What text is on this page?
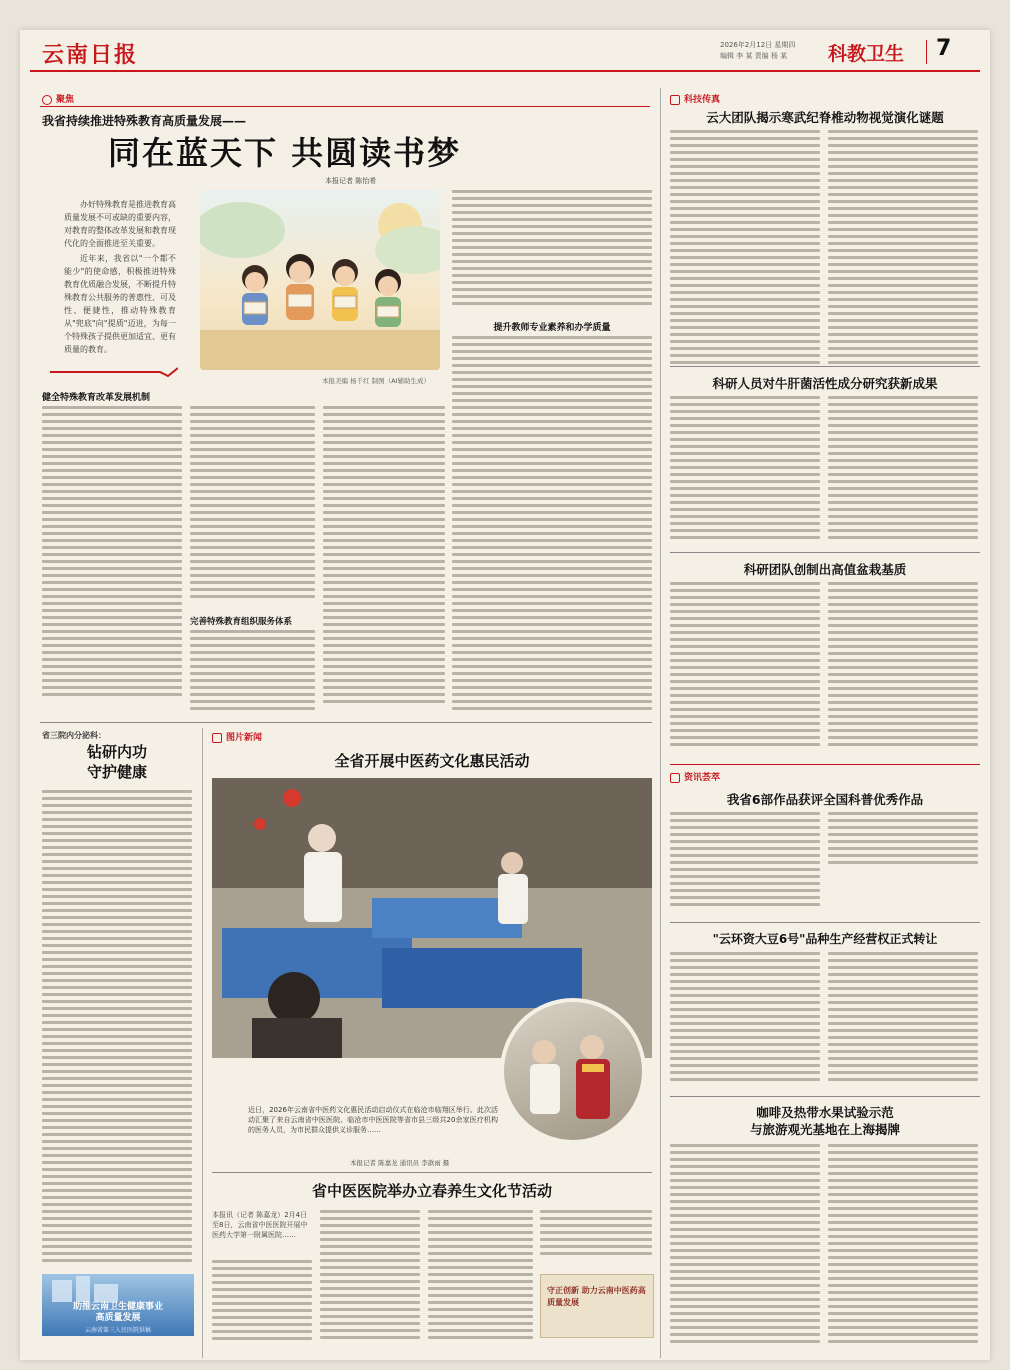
云南日报	2026年2月12日 星期四
编辑 李 某 责编 杨 某 科教卫生 7
聚焦
我省持续推进特殊教育高质量发展——
同在蓝天下 共圆读书梦
本报记者 陈怡希
办好特殊教育是推进教育高质量发展不可或缺的重要内容，对教育的整体改革发展和教育现代化的全面推进至关重要。
近年来，我省以"一个都不能少"的使命感，积极推进特殊教育优质融合发展，不断提升特殊教育公共服务的普惠性、可及性、便捷性，推动特殊教育从"兜底"向"提质"迈进，为每一个特殊孩子提供更加适宜、更有质量的教育。
本报美编 杨千红 制图（AI辅助生成）
提升教师专业素养和办学质量
健全特殊教育改革发展机制
完善特殊教育组织服务体系
省三院内分泌科：
钻研内功
守护健康
助推云南卫生健康事业
高质量发展
云南省第三人民医院供稿
图片新闻
全省开展中医药文化惠民活动
近日，2026年云南省中医药文化惠民活动启动仪式在临沧市临翔区举行。此次活动汇聚了来自云南省中医医院、临沧市中医医院等省市县三级共20余家医疗机构的医务人员，为市民群众提供义诊服务……
本报记者 陈嘉龙 通讯员 李歆雨 摄
省中医医院举办立春养生文化节活动
本报讯（记者 陈嘉龙）2月4日至8日，云南省中医医院开展中医药大学第一附属医院……
守正创新 助力云南中医药高质量发展
科技传真
云大团队揭示寒武纪脊椎动物视觉演化谜题
科研人员对牛肝菌活性成分研究获新成果
科研团队创制出高值盆栽基质
资讯荟萃
我省6部作品获评全国科普优秀作品
"云环资大豆6号"品种生产经营权正式转让
咖啡及热带水果试验示范
与旅游观光基地在上海揭牌
